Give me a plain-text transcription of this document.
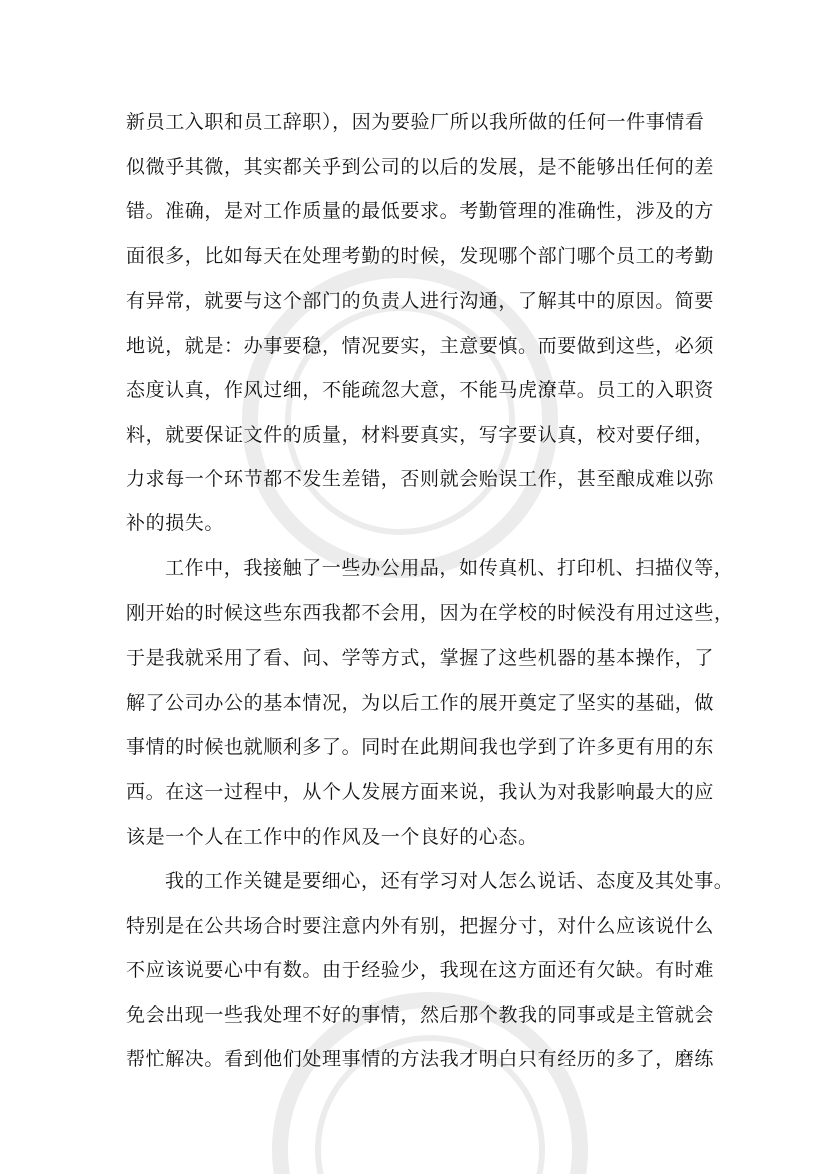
新员工入职和员工辞职），因为要验厂所以我所做的任何一件事情看

似微乎其微，其实都关乎到公司的以后的发展，是不能够出任何的差

错。准确，是对工作质量的最低要求。考勤管理的准确性，涉及的方

面很多，比如每天在处理考勤的时候，发现哪个部门哪个员工的考勤

有异常，就要与这个部门的负责人进行沟通，了解其中的原因。简要

地说，就是：办事要稳，情况要实，主意要慎。而要做到这些，必须

态度认真，作风过细，不能疏忽大意，不能马虎潦草。员工的入职资

料，就要保证文件的质量，材料要真实，写字要认真，校对要仔细，

力求每一个环节都不发生差错，否则就会贻误工作，甚至酿成难以弥

补的损失。

工作中，我接触了一些办公用品，如传真机、打印机、扫描仪等，

刚开始的时候这些东西我都不会用，因为在学校的时候没有用过这些，

于是我就采用了看、问、学等方式，掌握了这些机器的基本操作，了

解了公司办公的基本情况，为以后工作的展开奠定了坚实的基础，做

事情的时候也就顺利多了。同时在此期间我也学到了许多更有用的东

西。在这一过程中，从个人发展方面来说，我认为对我影响最大的应

该是一个人在工作中的作风及一个良好的心态。

我的工作关键是要细心，还有学习对人怎么说话、态度及其处事。

特别是在公共场合时要注意内外有别，把握分寸，对什么应该说什么

不应该说要心中有数。由于经验少，我现在这方面还有欠缺。有时难

免会出现一些我处理不好的事情，然后那个教我的同事或是主管就会

帮忙解决。看到他们处理事情的方法我才明白只有经历的多了，磨练
